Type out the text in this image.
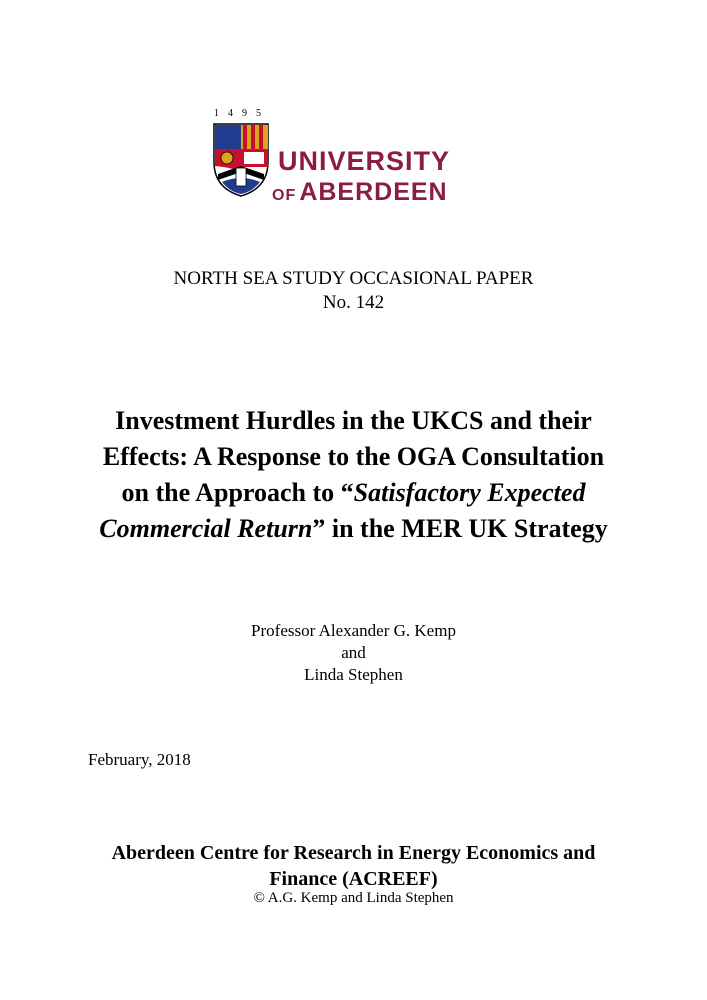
1495
UNIVERSITY
OF  ABERDEEN
NORTH SEA STUDY OCCASIONAL PAPER
No. 142
Investment Hurdles in the UKCS and their
Effects: A Response to the OGA Consultation
on the Approach to “Satisfactory Expected
Commercial Return” in the MER UK Strategy
Professor Alexander G. Kemp
and
Linda Stephen
February, 2018
Aberdeen Centre for Research in Energy Economics and
Finance (ACREEF)
© A.G. Kemp and Linda Stephen
